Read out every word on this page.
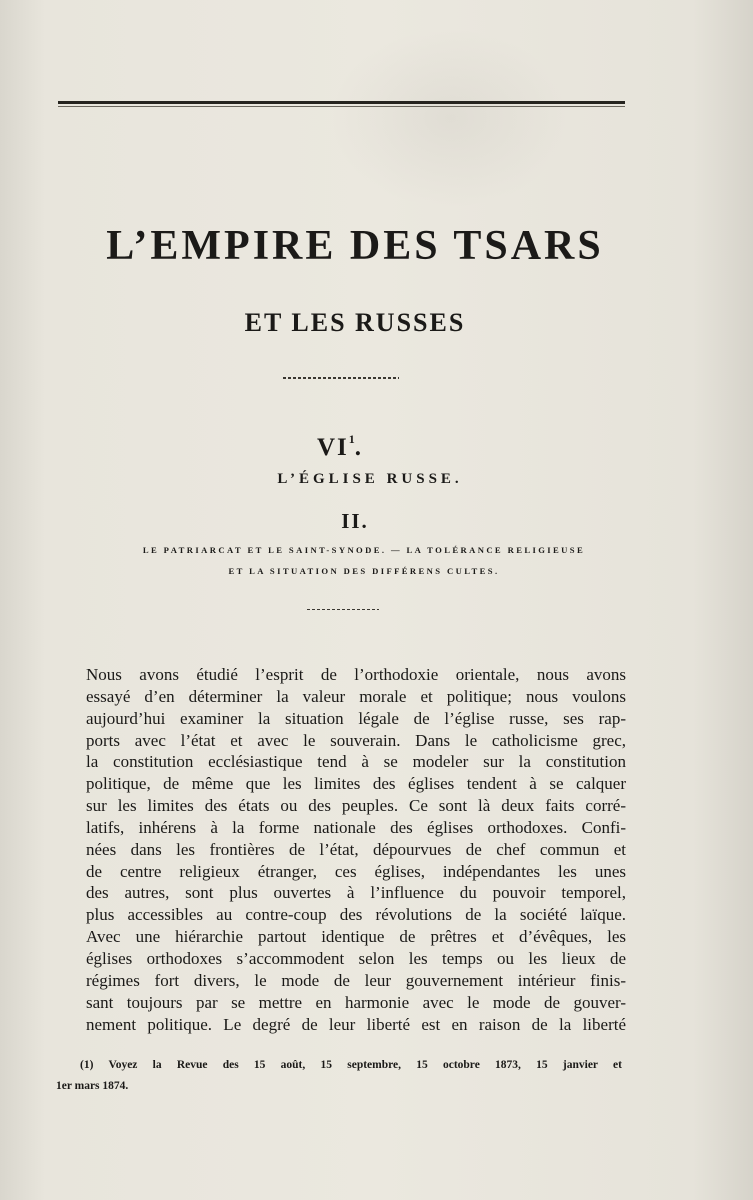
L’EMPIRE DES TSARS
ET LES RUSSES
$VI^1$.
L’ÉGLISE RUSSE.
II.
LE PATRIARCAT ET LE SAINT-SYNODE. — LA TOLÉRANCE RELIGIEUSE
ET LA SITUATION DES DIFFÉRENS CULTES.
Nous avons étudié l’esprit de l’orthodoxie orientale, nous avons
essayé d’en déterminer la valeur morale et politique; nous voulons
aujourd’hui examiner la situation légale de l’église russe, ses rap-
ports avec l’état et avec le souverain. Dans le catholicisme grec,
la constitution ecclésiastique tend à se modeler sur la constitution
politique, de même que les limites des églises tendent à se calquer
sur les limites des états ou des peuples. Ce sont là deux faits corré-
latifs, inhérens à la forme nationale des églises orthodoxes. Confi-
nées dans les frontières de l’état, dépourvues de chef commun et
de centre religieux étranger, ces églises, indépendantes les unes
des autres, sont plus ouvertes à l’influence du pouvoir temporel,
plus accessibles au contre-coup des révolutions de la société laïque.
Avec une hiérarchie partout identique de prêtres et d’évêques, les
églises orthodoxes s’accommodent selon les temps ou les lieux de
régimes fort divers, le mode de leur gouvernement intérieur finis-
sant toujours par se mettre en harmonie avec le mode de gouver-
nement politique. Le degré de leur liberté est en raison de la liberté
(1) Voyez la Revue des 15 août, 15 septembre, 15 octobre 1873, 15 janvier et
1er mars 1874.
